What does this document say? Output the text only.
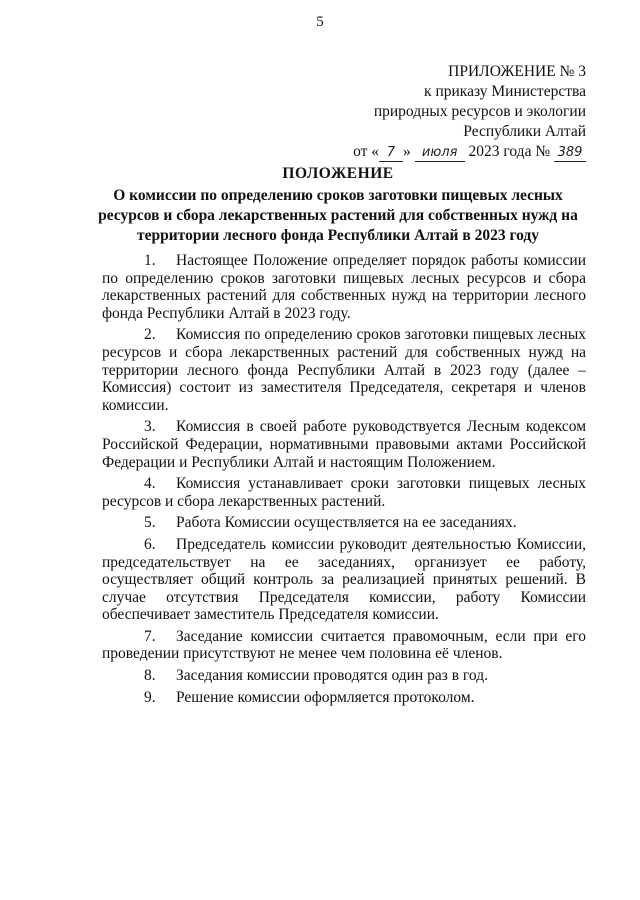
5
ПРИЛОЖЕНИЕ № 3
к приказу Министерства
природных ресурсов и экологии
Республики Алтай
от « 7 » июля 2023 года № 389
ПОЛОЖЕНИЕ
О комиссии по определению сроков заготовки пищевых лесных
ресурсов и сбора лекарственных растений для собственных нужд на
территории лесного фонда Республики Алтай в 2023 году
1. Настоящее Положение определяет порядок работы комиссии по определению сроков заготовки пищевых лесных ресурсов и сбора лекарственных растений для собственных нужд на территории лесного фонда Республики Алтай в 2023 году.
2. Комиссия по определению сроков заготовки пищевых лесных ресурсов и сбора лекарственных растений для собственных нужд на территории лесного фонда Республики Алтай в 2023 году (далее – Комиссия) состоит из заместителя Председателя, секретаря и членов комиссии.
3. Комиссия в своей работе руководствуется Лесным кодексом Российской Федерации, нормативными правовыми актами Российской Федерации и Республики Алтай и настоящим Положением.
4. Комиссия устанавливает сроки заготовки пищевых лесных ресурсов и сбора лекарственных растений.
5. Работа Комиссии осуществляется на ее заседаниях.
6. Председатель комиссии руководит деятельностью Комиссии, председательствует на ее заседаниях, организует ее работу, осуществляет общий контроль за реализацией принятых решений. В случае отсутствия Председателя комиссии, работу Комиссии обеспечивает заместитель Председателя комиссии.
7. Заседание комиссии считается правомочным, если при его проведении присутствуют не менее чем половина её членов.
8. Заседания комиссии проводятся один раз в год.
9. Решение комиссии оформляется протоколом.
